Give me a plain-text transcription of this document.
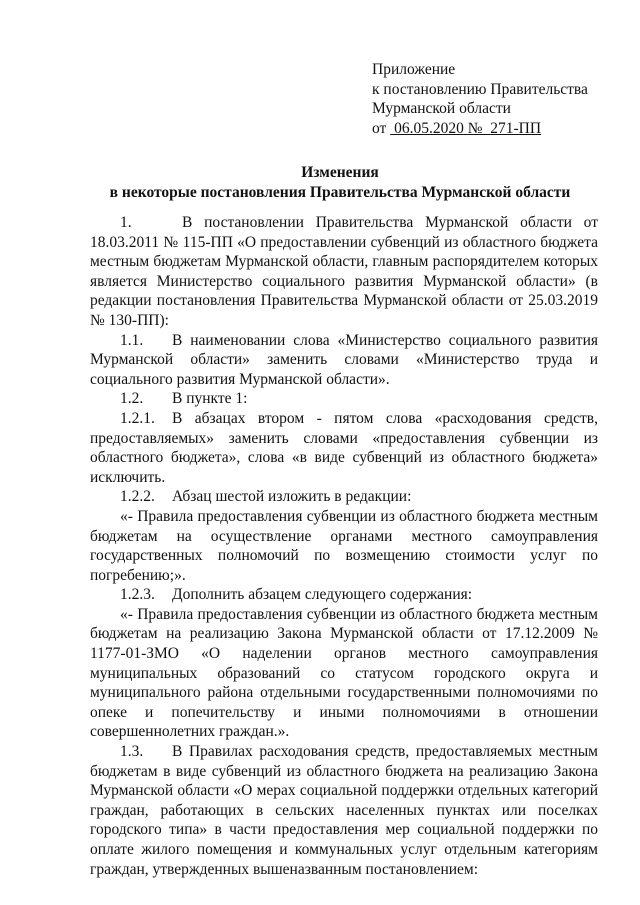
Приложение
к постановлению Правительства
Мурманской области
от 06.05.2020 № 271-ПП
Изменения
в некоторые постановления Правительства Мурманской области

1.	В постановлении Правительства Мурманской области от 18.03.2011 № 115-ПП «О предоставлении субвенций из областного бюджета местным бюджетам Мурманской области, главным распорядителем которых является Министерство социального развития Мурманской области» (в редакции постановления Правительства Мурманской области от 25.03.2019 № 130-ПП):

1.1. В наименовании слова «Министерство социального развития Мурманской области» заменить словами «Министерство труда и социального развития Мурманской области».

1.2. В пункте 1:

1.2.1. В абзацах втором - пятом слова «расходования средств, предоставляемых» заменить словами «предоставления субвенции из областного бюджета», слова «в виде субвенций из областного бюджета» исключить.

1.2.2. Абзац шестой изложить в редакции:

«- Правила предоставления субвенции из областного бюджета местным бюджетам на осуществление органами местного самоуправления государственных полномочий по возмещению стоимости услуг по погребению;».

1.2.3. Дополнить абзацем следующего содержания:

«- Правила предоставления субвенции из областного бюджета местным бюджетам на реализацию Закона Мурманской области от 17.12.2009 № 1177-01-ЗМО «О наделении органов местного самоуправления муниципальных образований со статусом городского округа и муниципального района отдельными государственными полномочиями по опеке и попечительству и иными полномочиями в отношении совершеннолетних граждан.».

1.3. В Правилах расходования средств, предоставляемых местным бюджетам в виде субвенций из областного бюджета на реализацию Закона Мурманской области «О мерах социальной поддержки отдельных категорий граждан, работающих в сельских населенных пунктах или поселках городского типа» в части предоставления мер социальной поддержки по оплате жилого помещения и коммунальных услуг отдельным категориям граждан, утвержденных вышеназванным постановлением:
